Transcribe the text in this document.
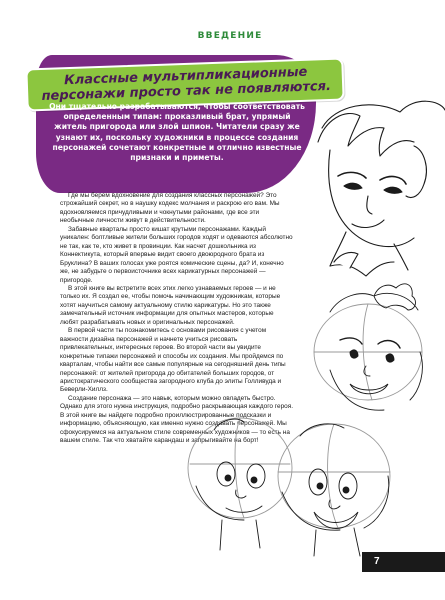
ВВЕДЕНИЕ
Классные мультипликационные персонажи просто так не появляются.
Они тщательно разрабатываются, чтобы соответствовать определенным типам: проказливый брат, упрямый житель пригорода или злой шпион. Читатели сразу же узнают их, поскольку художники в процессе создания персонажей сочетают конкретные и отлично известные признаки и приметы.

Где мы берем вдохновение для создания классных персонажей? Это строжайший секрет, но в наушку кодекс молчания и раскрою его вам. Мы вдохновляемся причудливыми и чокнутыми районами, где все эти необычные личности живут в действительности.

Забавные кварталы просто кишат крутыми персонажами. Каждый уникален: болтливые жители больших городов ходят и одеваются абсолютно не так, как те, кто живет в провинции. Как насчет дошкольника из Коннектикута, который впервые видит своего двоюродного брата из Бруклина? В ваших голосах уже роятся комические сцены, да? И, конечно же, не забудьте о первоисточнике всех карикатурных персонажей — пригороде.

В этой книге вы встретите всех этих легко узнаваемых героев — и не только их. Я создал ее, чтобы помочь начинающим художникам, которые хотят научиться самому актуальному стилю карикатуры. Но это также замечательный источник информации для опытных мастеров, которые любят разрабатывать новых и оригинальных персонажей.

В первой части ты познакомитесь с основами рисования с учетом важности дизайна персонажей и начнете учиться рисовать привлекательных, интересных героев. Во второй части вы увидите конкретные типажи персонажей и способы их создания. Мы пройдемся по кварталам, чтобы найти все самые популярные на сегодняшний день типы персонажей: от жителей пригорода до обитателей больших городов, от аристократического сообщества загородного клуба до элиты Голливуда и Беверли-Хиллз.

Создание персонажа — это навык, которым можно овладеть быстро. Однако для этого нужна инструкция, подробно раскрывающая каждого героя. В этой книге вы найдете подробно проиллюстрированные подсказки и информацию, объясняющую, как именно нужно создавать персонажей. Мы сфокусируемся на актуальном стиле современных художников — то есть на вашем стиле. Так что хватайте карандаш и запрыгивайте на борт!

7
